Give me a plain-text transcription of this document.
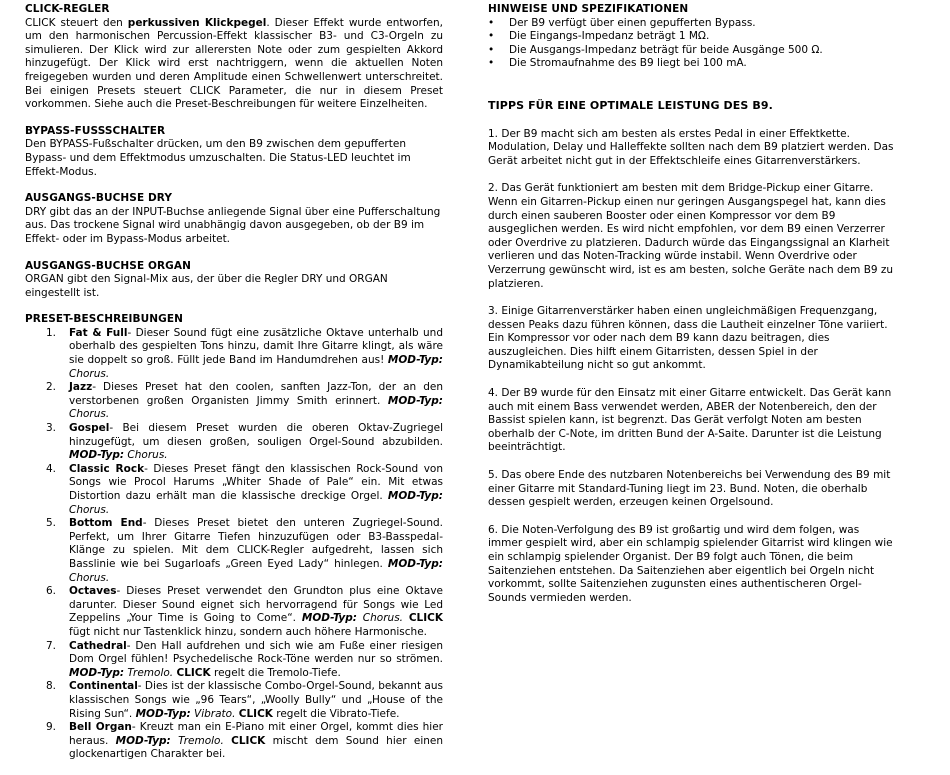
CLICK-REGLER

CLICK steuert den perkussiven Klickpegel. Dieser Effekt wurde entworfen, um den harmonischen Percussion-Effekt klassischer B3- und C3-Orgeln zu simulieren. Der Klick wird zur allerersten Note oder zum gespielten Akkord hinzugefügt. Der Klick wird erst nachtriggern, wenn die aktuellen Noten freigegeben wurden und deren Amplitude einen Schwellenwert unterschreitet. Bei einigen Presets steuert CLICK Parameter, die nur in diesem Preset vorkommen. Siehe auch die Preset-Beschreibungen für weitere Einzelheiten.

BYPASS-FUSSSCHALTER

Den BYPASS-Fußschalter drücken, um den B9 zwischen dem gepufferten Bypass- und dem Effektmodus umzuschalten. Die Status-LED leuchtet im Effekt-Modus.

AUSGANGS-BUCHSE DRY

DRY gibt das an der INPUT-Buchse anliegende Signal über eine Pufferschaltung aus. Das trockene Signal wird unabhängig davon ausgegeben, ob der B9 im Effekt- oder im Bypass-Modus arbeitet.

AUSGANGS-BUCHSE ORGAN

ORGAN gibt den Signal-Mix aus, der über die Regler DRY und ORGAN eingestellt ist.

PRESET-BESCHREIBUNGEN

1. Fat & Full- Dieser Sound fügt eine zusätzliche Oktave unterhalb und oberhalb des gespielten Tons hinzu, damit Ihre Gitarre klingt, als wäre sie doppelt so groß. Füllt jede Band im Handumdrehen aus! MOD-Typ: Chorus.
2. Jazz- Dieses Preset hat den coolen, sanften Jazz-Ton, der an den verstorbenen großen Organisten Jimmy Smith erinnert. MOD-Typ: Chorus.
3. Gospel- Bei diesem Preset wurden die oberen Oktav-Zugriegel hinzugefügt, um diesen großen, souligen Orgel-Sound abzubilden. MOD-Typ: Chorus.
4. Classic Rock- Dieses Preset fängt den klassischen Rock-Sound von Songs wie Procol Harums „Whiter Shade of Pale“ ein. Mit etwas Distortion dazu erhält man die klassische dreckige Orgel. MOD-Typ: Chorus.
5. Bottom End- Dieses Preset bietet den unteren Zugriegel-Sound. Perfekt, um Ihrer Gitarre Tiefen hinzuzufügen oder B3-Basspedal-Klänge zu spielen. Mit dem CLICK-Regler aufgedreht, lassen sich Basslinie wie bei Sugarloafs „Green Eyed Lady“ hinlegen. MOD-Typ: Chorus.
6. Octaves- Dieses Preset verwendet den Grundton plus eine Oktave darunter. Dieser Sound eignet sich hervorragend für Songs wie Led Zeppelins „Your Time is Going to Come“. MOD-Typ: Chorus. CLICK fügt nicht nur Tastenklick hinzu, sondern auch höhere Harmonische.
7. Cathedral- Den Hall aufdrehen und sich wie am Fuße einer riesigen Dom Orgel fühlen! Psychedelische Rock-Töne werden nur so strömen. MOD-Typ: Tremolo. CLICK regelt die Tremolo-Tiefe.
8. Continental- Dies ist der klassische Combo-Orgel-Sound, bekannt aus klassischen Songs wie „96 Tears“, „Woolly Bully“ und „House of the Rising Sun“. MOD-Typ: Vibrato. CLICK regelt die Vibrato-Tiefe.
9. Bell Organ- Kreuzt man ein E-Piano mit einer Orgel, kommt dies hier heraus. MOD-Typ: Tremolo. CLICK mischt dem Sound hier einen glockenartigen Charakter bei.

HINWEISE UND SPEZIFIKATIONEN

• Der B9 verfügt über einen gepufferten Bypass.
• Die Eingangs-Impedanz beträgt 1 MΩ.
• Die Ausgangs-Impedanz beträgt für beide Ausgänge 500 Ω.
• Die Stromaufnahme des B9 liegt bei 100 mA.

TIPPS FÜR EINE OPTIMALE LEISTUNG DES B9.

1. Der B9 macht sich am besten als erstes Pedal in einer Effektkette. Modulation, Delay und Halleffekte sollten nach dem B9 platziert werden. Das Gerät arbeitet nicht gut in der Effektschleife eines Gitarrenverstärkers.

2. Das Gerät funktioniert am besten mit dem Bridge-Pickup einer Gitarre. Wenn ein Gitarren-Pickup einen nur geringen Ausgangspegel hat, kann dies durch einen sauberen Booster oder einen Kompressor vor dem B9 ausgeglichen werden. Es wird nicht empfohlen, vor dem B9 einen Verzerrer oder Overdrive zu platzieren. Dadurch würde das Eingangssignal an Klarheit verlieren und das Noten-Tracking würde instabil. Wenn Overdrive oder Verzerrung gewünscht wird, ist es am besten, solche Geräte nach dem B9 zu platzieren.

3. Einige Gitarrenverstärker haben einen ungleichmäßigen Frequenzgang, dessen Peaks dazu führen können, dass die Lautheit einzelner Töne variiert. Ein Kompressor vor oder nach dem B9 kann dazu beitragen, dies auszugleichen. Dies hilft einem Gitarristen, dessen Spiel in der Dynamikabteilung nicht so gut ankommt.

4. Der B9 wurde für den Einsatz mit einer Gitarre entwickelt. Das Gerät kann auch mit einem Bass verwendet werden, ABER der Notenbereich, den der Bassist spielen kann, ist begrenzt. Das Gerät verfolgt Noten am besten oberhalb der C-Note, im dritten Bund der A-Saite. Darunter ist die Leistung beeinträchtigt.

5. Das obere Ende des nutzbaren Notenbereichs bei Verwendung des B9 mit einer Gitarre mit Standard-Tuning liegt im 23. Bund. Noten, die oberhalb dessen gespielt werden, erzeugen keinen Orgelsound.

6. Die Noten-Verfolgung des B9 ist großartig und wird dem folgen, was immer gespielt wird, aber ein schlampig spielender Gitarrist wird klingen wie ein schlampig spielender Organist. Der B9 folgt auch Tönen, die beim Saitenziehen entstehen. Da Saitenziehen aber eigentlich bei Orgeln nicht vorkommt, sollte Saitenziehen zugunsten eines authentischeren Orgel-Sounds vermieden werden.
